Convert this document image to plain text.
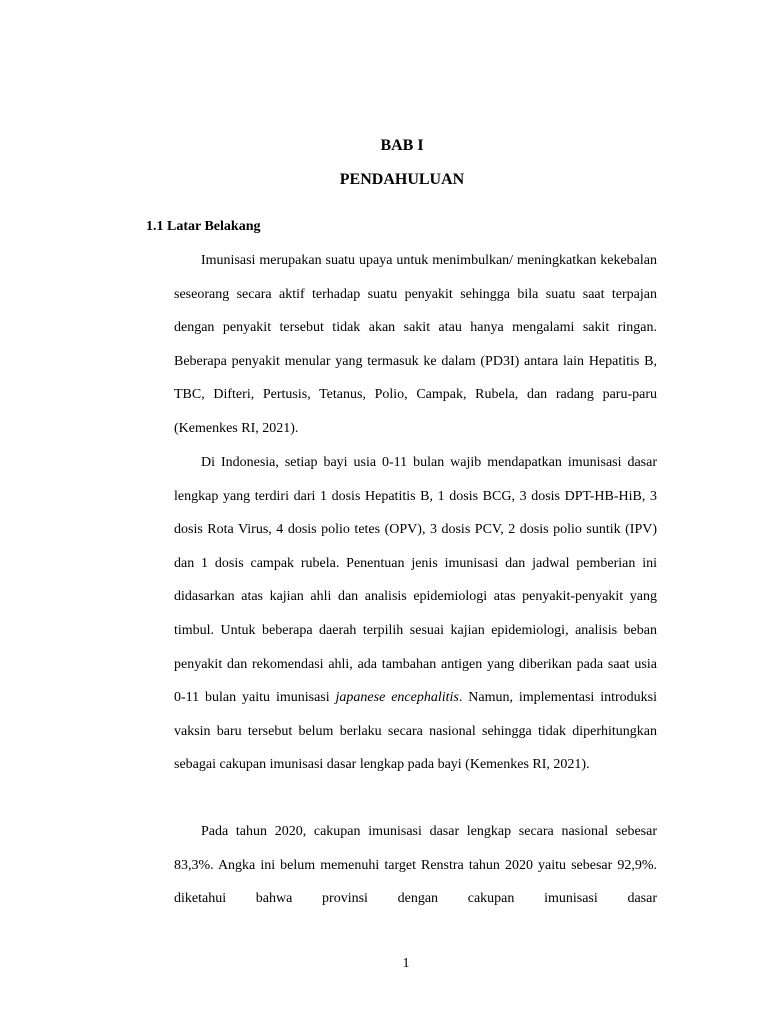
BAB I
PENDAHULUAN
1.1 Latar Belakang

Imunisasi merupakan suatu upaya untuk menimbulkan/ meningkatkan kekebalan seseorang secara aktif terhadap suatu penyakit sehingga bila suatu saat terpajan dengan penyakit tersebut tidak akan sakit atau hanya mengalami sakit ringan. Beberapa penyakit menular yang termasuk ke dalam (PD3I) antara lain Hepatitis B, TBC, Difteri, Pertusis, Tetanus, Polio, Campak, Rubela, dan radang paru-paru (Kemenkes RI, 2021).

Di Indonesia, setiap bayi usia 0-11 bulan wajib mendapatkan imunisasi dasar lengkap yang terdiri dari 1 dosis Hepatitis B, 1 dosis BCG, 3 dosis DPT-HB-HiB, 3 dosis Rota Virus, 4 dosis polio tetes (OPV), 3 dosis PCV, 2 dosis polio suntik (IPV) dan 1 dosis campak rubela. Penentuan jenis imunisasi dan jadwal pemberian ini didasarkan atas kajian ahli dan analisis epidemiologi atas penyakit-penyakit yang timbul. Untuk beberapa daerah terpilih sesuai kajian epidemiologi, analisis beban penyakit dan rekomendasi ahli, ada tambahan antigen yang diberikan pada saat usia 0-11 bulan yaitu imunisasi japanese encephalitis. Namun, implementasi introduksi vaksin baru tersebut belum berlaku secara nasional sehingga tidak diperhitungkan sebagai cakupan imunisasi dasar lengkap pada bayi (Kemenkes RI, 2021).

Pada tahun 2020, cakupan imunisasi dasar lengkap secara nasional sebesar 83,3%. Angka ini belum memenuhi target Renstra tahun 2020 yaitu sebesar 92,9%. diketahui bahwa provinsi dengan cakupan imunisasi dasar

1
